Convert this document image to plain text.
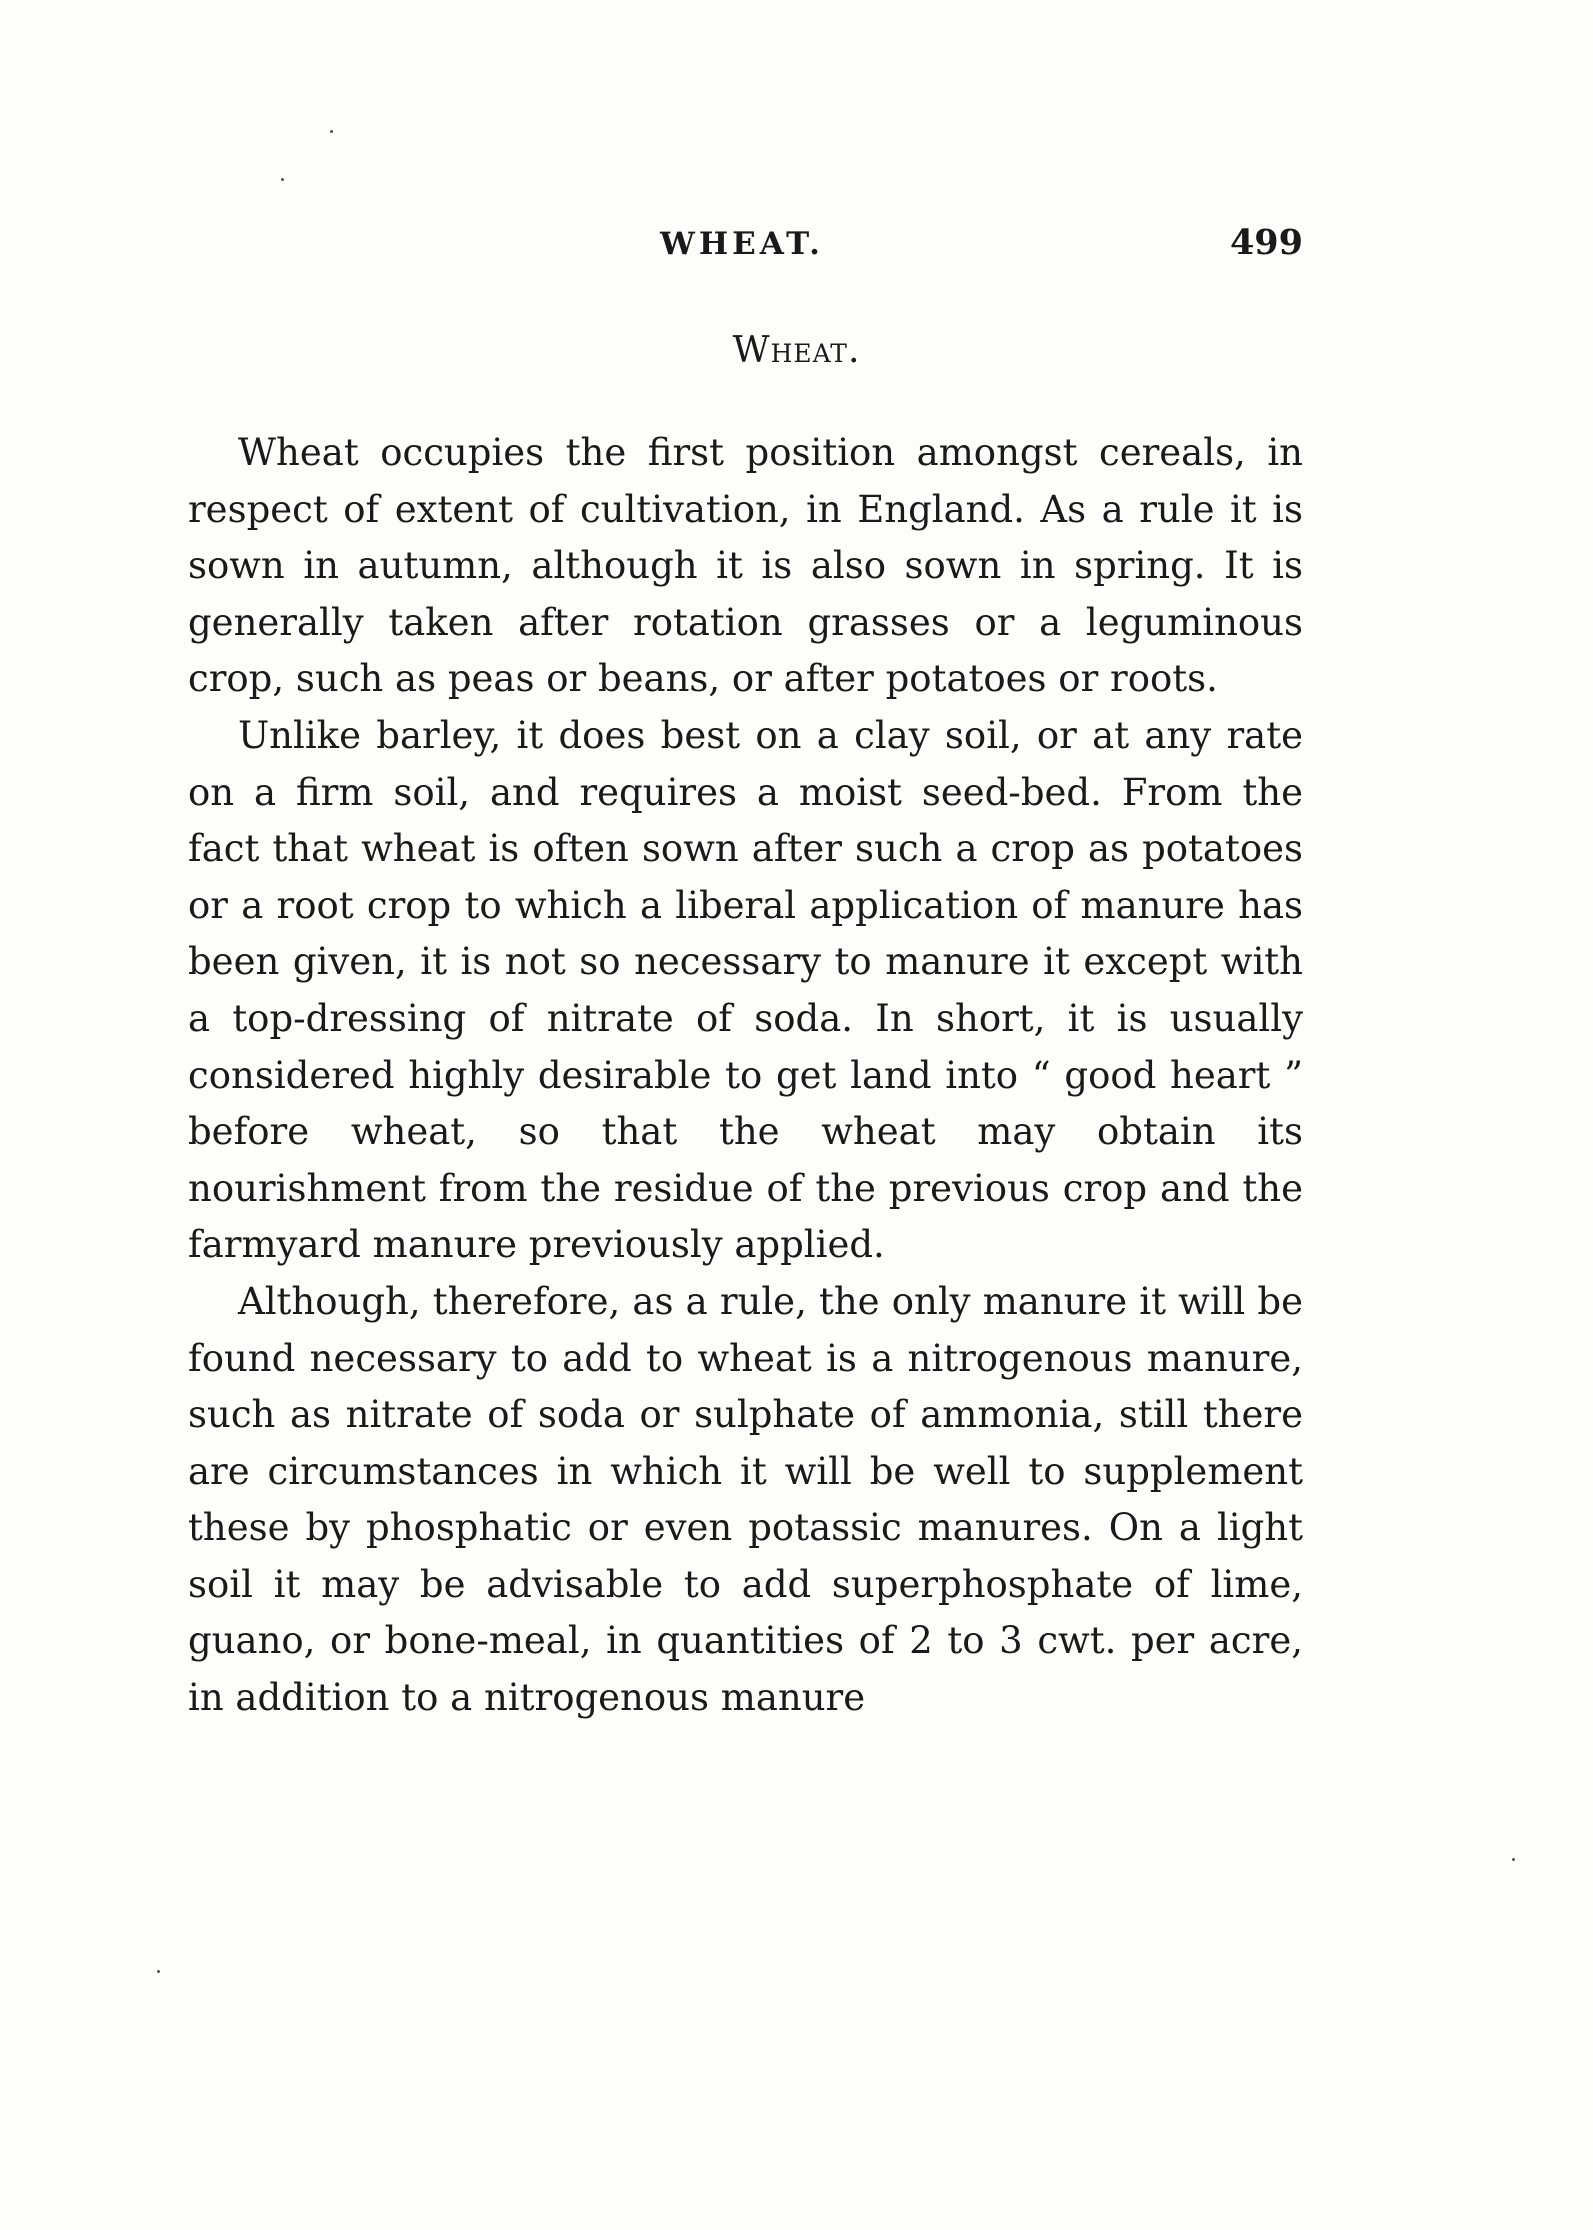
WHEAT.	499
Wheat.

Wheat occupies the first position amongst cereals, in respect of extent of cultivation, in England. As a rule it is sown in autumn, although it is also sown in spring. It is generally taken after rotation grasses or a leguminous crop, such as peas or beans, or after potatoes or roots.

Unlike barley, it does best on a clay soil, or at any rate on a firm soil, and requires a moist seed-bed. From the fact that wheat is often sown after such a crop as potatoes or a root crop to which a liberal application of manure has been given, it is not so necessary to manure it except with a top-dressing of nitrate of soda. In short, it is usually considered highly desirable to get land into “ good heart ” before wheat, so that the wheat may obtain its nourishment from the residue of the previous crop and the farmyard manure previously applied.

Although, therefore, as a rule, the only manure it will be found necessary to add to wheat is a nitrogenous manure, such as nitrate of soda or sulphate of ammonia, still there are circumstances in which it will be well to supplement these by phosphatic or even potassic manures. On a light soil it may be advisable to add superphosphate of lime, guano, or bone-meal, in quantities of 2 to 3 cwt. per acre, in addition to a nitrogenous manure
